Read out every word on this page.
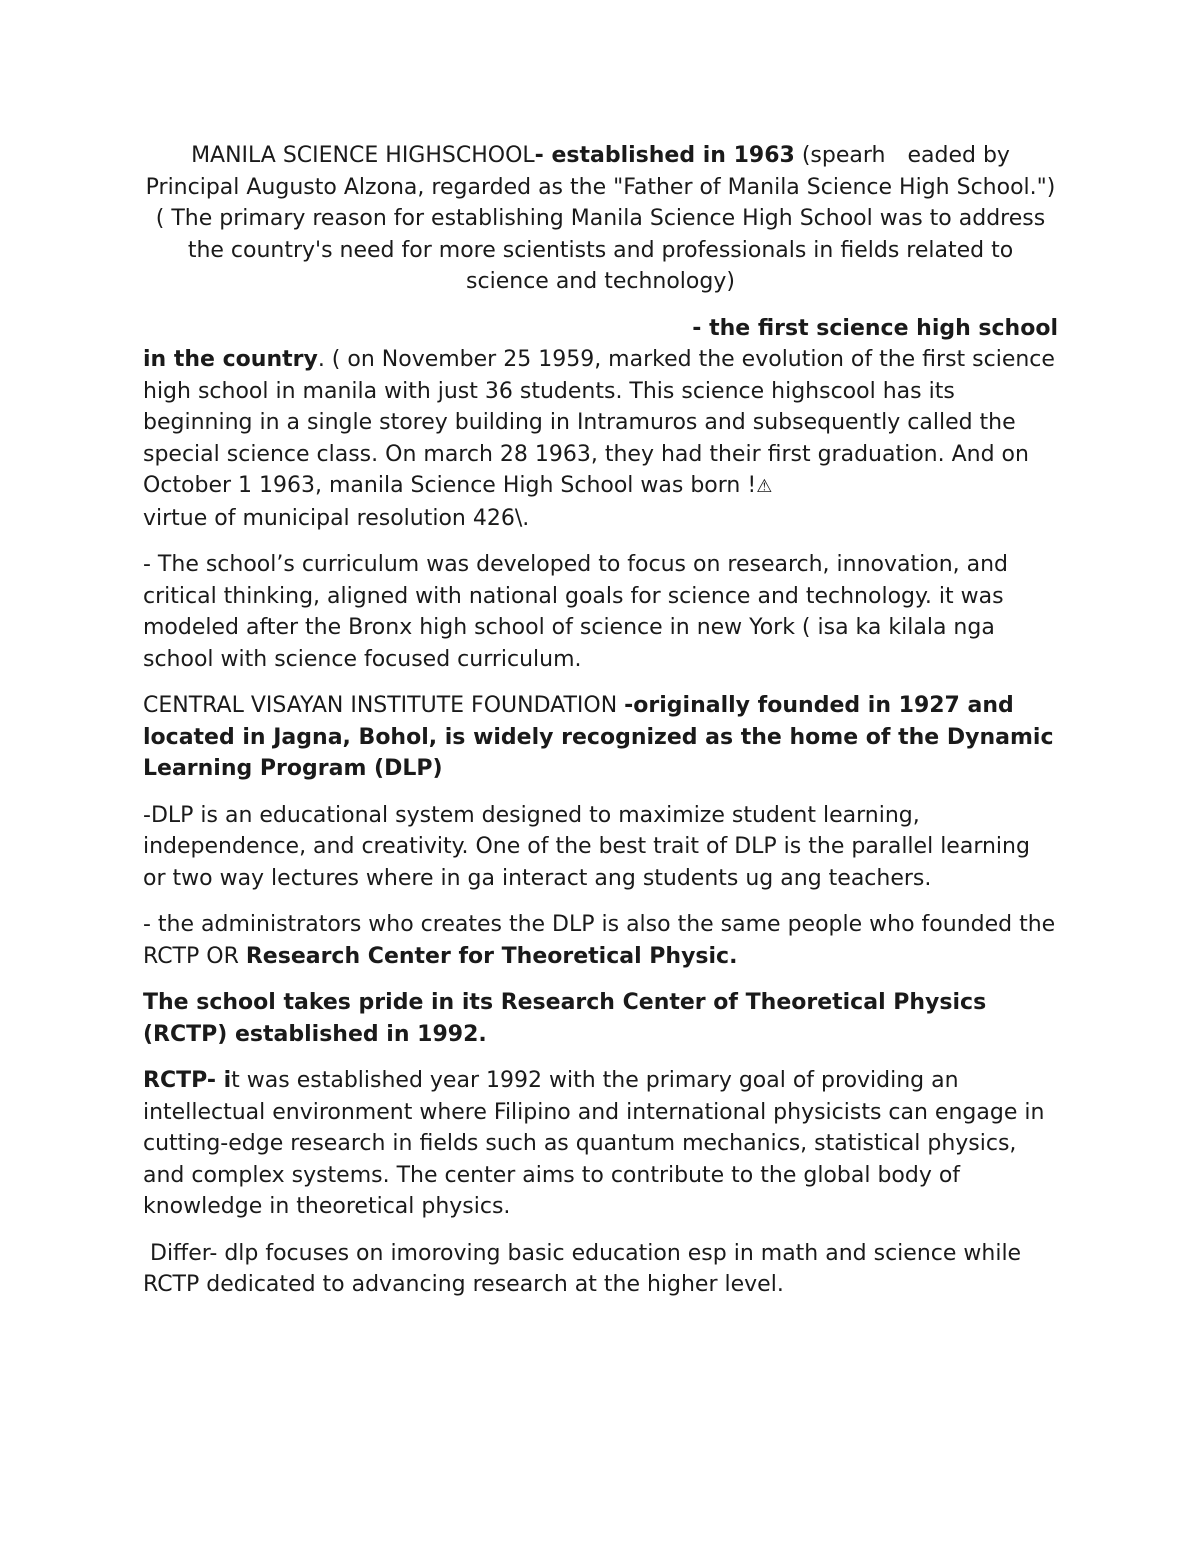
MANILA SCIENCE HIGHSCHOOL- established in 1963 (spearh eaded by Principal Augusto Alzona, regarded as the "Father of Manila Science High School.")( The primary reason for establishing Manila Science High School was to address the country's need for more scientists and professionals in fields related to science and technology)

- the first science high school

in the country. ( on November 25 1959, marked the evolution of the first science high school in manila with just 36 students. This science highscool has its beginning in a single storey building in Intramuros and subsequently called the special science class. On march 28 1963, they had their first graduation. And on October 1 1963, manila Science High School was born !⚠
virtue of municipal resolution 426\.

- The school’s curriculum was developed to focus on research, innovation, and critical thinking, aligned with national goals for science and technology. it was modeled after the Bronx high school of science in new York ( isa ka kilala nga school with science focused curriculum.

CENTRAL VISAYAN INSTITUTE FOUNDATION -originally founded in 1927 and located in Jagna, Bohol, is widely recognized as the home of the Dynamic Learning Program (DLP)

-DLP is an educational system designed to maximize student learning, independence, and creativity. One of the best trait of DLP is the parallel learning or two way lectures where in ga interact ang students ug ang teachers.

- the administrators who creates the DLP is also the same people who founded the RCTP OR Research Center for Theoretical Physic.

The school takes pride in its Research Center of Theoretical Physics (RCTP) established in 1992.

RCTP- it was established year 1992 with the primary goal of providing an intellectual environment where Filipino and international physicists can engage in cutting-edge research in fields such as quantum mechanics, statistical physics, and complex systems. The center aims to contribute to the global body of knowledge in theoretical physics.

Differ- dlp focuses on imoroving basic education esp in math and science while RCTP dedicated to advancing research at the higher level.
